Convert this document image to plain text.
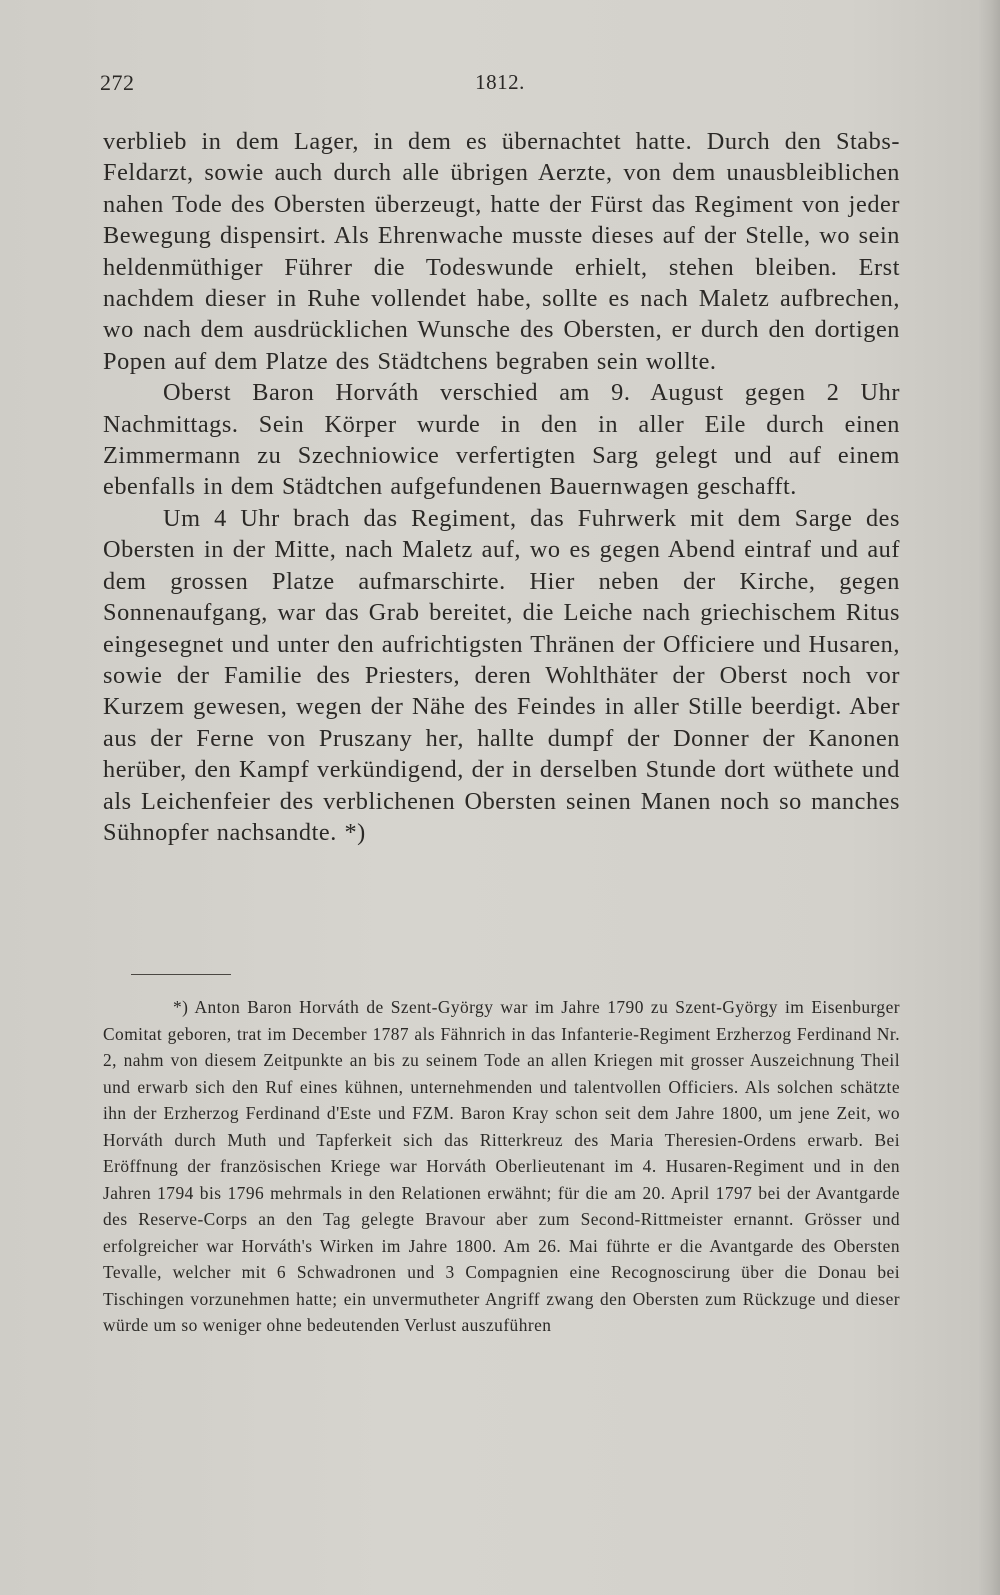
272	1812.

verblieb in dem Lager, in dem es übernachtet hatte. Durch den Stabs-Feldarzt, sowie auch durch alle übrigen Aerzte, von dem unausbleiblichen nahen Tode des Obersten überzeugt, hatte der Fürst das Regiment von jeder Bewegung dispensirt. Als Ehrenwache musste dieses auf der Stelle, wo sein heldenmüthiger Führer die Todeswunde erhielt, stehen bleiben. Erst nachdem dieser in Ruhe vollendet habe, sollte es nach Maletz aufbrechen, wo nach dem ausdrücklichen Wunsche des Obersten, er durch den dortigen Popen auf dem Platze des Städtchens begraben sein wollte.

Oberst Baron Horváth verschied am 9. August gegen 2 Uhr Nachmittags. Sein Körper wurde in den in aller Eile durch einen Zimmermann zu Szechniowice verfertigten Sarg gelegt und auf einem ebenfalls in dem Städtchen aufgefundenen Bauernwagen geschafft.

Um 4 Uhr brach das Regiment, das Fuhrwerk mit dem Sarge des Obersten in der Mitte, nach Maletz auf, wo es gegen Abend eintraf und auf dem grossen Platze aufmarschirte. Hier neben der Kirche, gegen Sonnenaufgang, war das Grab bereitet, die Leiche nach griechischem Ritus eingesegnet und unter den aufrichtigsten Thränen der Officiere und Husaren, sowie der Familie des Priesters, deren Wohlthäter der Oberst noch vor Kurzem gewesen, wegen der Nähe des Feindes in aller Stille beerdigt. Aber aus der Ferne von Pruszany her, hallte dumpf der Donner der Kanonen herüber, den Kampf verkündigend, der in derselben Stunde dort wüthete und als Leichenfeier des verblichenen Obersten seinen Manen noch so manches Sühnopfer nachsandte. *)

*) Anton Baron Horváth de Szent-György war im Jahre 1790 zu Szent-György im Eisenburger Comitat geboren, trat im December 1787 als Fähnrich in das Infanterie-Regiment Erzherzog Ferdinand Nr. 2, nahm von diesem Zeitpunkte an bis zu seinem Tode an allen Kriegen mit grosser Auszeichnung Theil und erwarb sich den Ruf eines kühnen, unternehmenden und talentvollen Officiers. Als solchen schätzte ihn der Erzherzog Ferdinand d'Este und FZM. Baron Kray schon seit dem Jahre 1800, um jene Zeit, wo Horváth durch Muth und Tapferkeit sich das Ritterkreuz des Maria Theresien-Ordens erwarb. Bei Eröffnung der französischen Kriege war Horváth Oberlieutenant im 4. Husaren-Regiment und in den Jahren 1794 bis 1796 mehrmals in den Relationen erwähnt; für die am 20. April 1797 bei der Avantgarde des Reserve-Corps an den Tag gelegte Bravour aber zum Second-Rittmeister ernannt. Grösser und erfolgreicher war Horváth's Wirken im Jahre 1800. Am 26. Mai führte er die Avantgarde des Obersten Tevalle, welcher mit 6 Schwadronen und 3 Compagnien eine Recognoscirung über die Donau bei Tischingen vorzunehmen hatte; ein unvermutheter Angriff zwang den Obersten zum Rückzuge und dieser würde um so weniger ohne bedeutenden Verlust auszuführen
